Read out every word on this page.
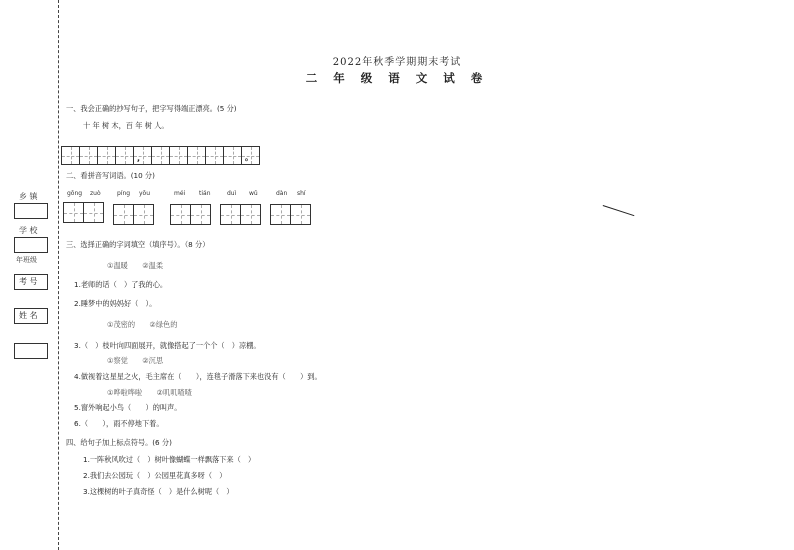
乡 镇
学 校
年班级
考 号
姓 名
2022年秋季学期期末考试
二 年 级 语 文 试 卷
一、我会正确的抄写句子，把字写得端正漂亮。(5 分)
十 年 树 木，百 年 树 人。
,	。
二、看拼音写词语。(10 分)
gōng zuò	píng yōu	méi tián	duì wǔ	dàn shí
三、选择正确的字词填空（填序号）。（8 分）
①温暖　　②温柔
1.老师的话（　）了我的心。
2.睡梦中的妈妈好（　）。
①茂密的　　②绿色的
3.（　）枝叶向四面展开，就像搭起了一个个（　）凉棚。
①察觉　　②沉思
4.做视着这星星之火，毛主席在（　　），连毯子滑落下来也没有（　　）到。
①哗啦哗啦　　②叽叽喳喳
5.窗外响起小鸟（　　）的叫声。
6.（　　），雨不停地下着。
四、给句子加上标点符号。(6 分)
1.一阵秋风吹过（　）树叶像蝴蝶一样飘落下来（　）
2.我们去公园玩（　）公园里花真多呀（　）
3.这棵树的叶子真奇怪（　）是什么树呢（　）
